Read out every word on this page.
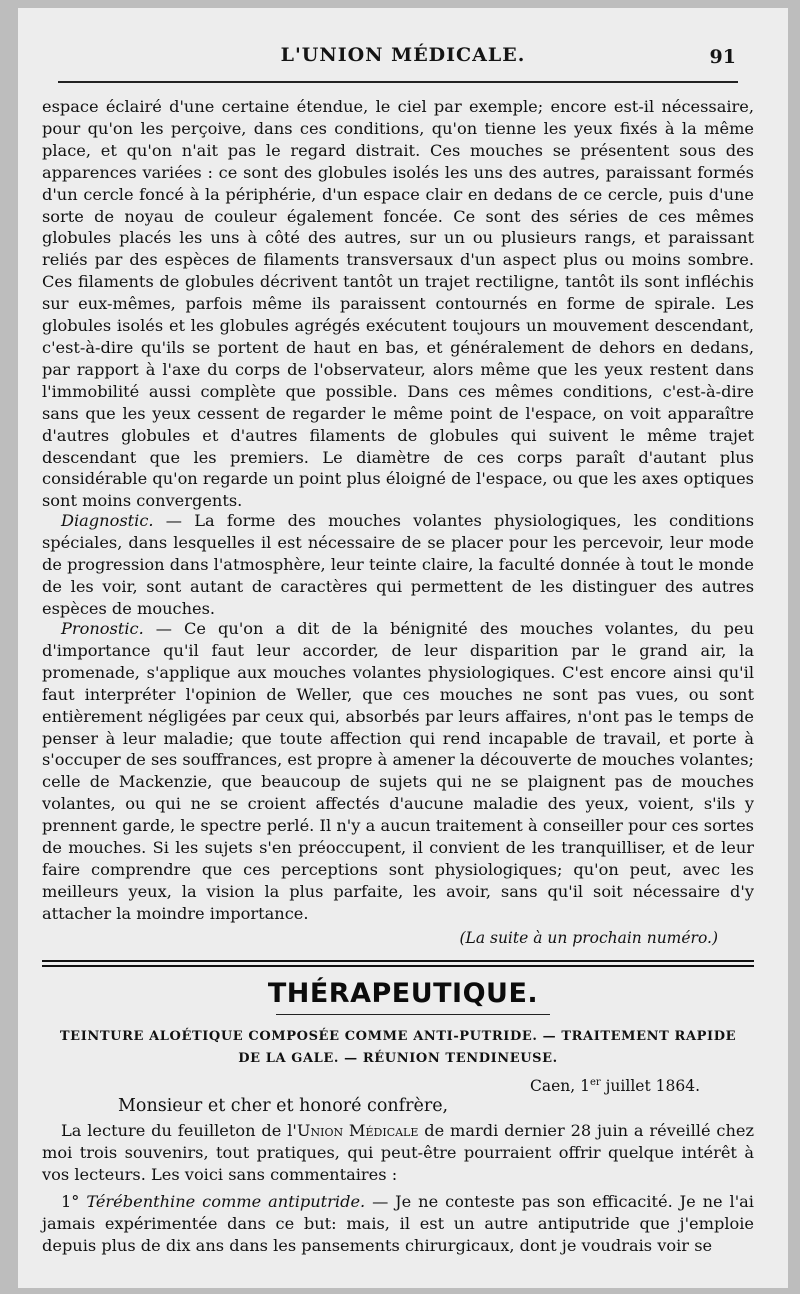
L'UNION MÉDICALE.	91

espace éclairé d'une certaine étendue, le ciel par exemple; encore est-il nécessaire, pour qu'on les perçoive, dans ces conditions, qu'on tienne les yeux fixés à la même place, et qu'on n'ait pas le regard distrait. Ces mouches se présentent sous des apparences variées : ce sont des globules isolés les uns des autres, paraissant formés d'un cercle foncé à la périphérie, d'un espace clair en dedans de ce cercle, puis d'une sorte de noyau de couleur également foncée. Ce sont des séries de ces mêmes globules placés les uns à côté des autres, sur un ou plusieurs rangs, et paraissant reliés par des espèces de filaments transversaux d'un aspect plus ou moins sombre. Ces filaments de globules décrivent tantôt un trajet rectiligne, tantôt ils sont infléchis sur eux-mêmes, parfois même ils paraissent contournés en forme de spirale. Les globules isolés et les globules agrégés exécutent toujours un mouvement descendant, c'est-à-dire qu'ils se portent de haut en bas, et généralement de dehors en dedans, par rapport à l'axe du corps de l'observateur, alors même que les yeux restent dans l'immobilité aussi complète que possible. Dans ces mêmes conditions, c'est-à-dire sans que les yeux cessent de regarder le même point de l'espace, on voit apparaître d'autres globules et d'autres filaments de globules qui suivent le même trajet descendant que les premiers. Le diamètre de ces corps paraît d'autant plus considérable qu'on regarde un point plus éloigné de l'espace, ou que les axes optiques sont moins convergents.

Diagnostic. — La forme des mouches volantes physiologiques, les conditions spéciales, dans lesquelles il est nécessaire de se placer pour les percevoir, leur mode de progression dans l'atmosphère, leur teinte claire, la faculté donnée à tout le monde de les voir, sont autant de caractères qui permettent de les distinguer des autres espèces de mouches.

Pronostic. — Ce qu'on a dit de la bénignité des mouches volantes, du peu d'importance qu'il faut leur accorder, de leur disparition par le grand air, la promenade, s'applique aux mouches volantes physiologiques. C'est encore ainsi qu'il faut interpréter l'opinion de Weller, que ces mouches ne sont pas vues, ou sont entièrement négligées par ceux qui, absorbés par leurs affaires, n'ont pas le temps de penser à leur maladie; que toute affection qui rend incapable de travail, et porte à s'occuper de ses souffrances, est propre à amener la découverte de mouches volantes; celle de Mackenzie, que beaucoup de sujets qui ne se plaignent pas de mouches volantes, ou qui ne se croient affectés d'aucune maladie des yeux, voient, s'ils y prennent garde, le spectre perlé. Il n'y a aucun traitement à conseiller pour ces sortes de mouches. Si les sujets s'en préoccupent, il convient de les tranquilliser, et de leur faire comprendre que ces perceptions sont physiologiques; qu'on peut, avec les meilleurs yeux, la vision la plus parfaite, les avoir, sans qu'il soit nécessaire d'y attacher la moindre importance.

(La suite à un prochain numéro.)
THÉRAPEUTIQUE.
TEINTURE ALOÉTIQUE COMPOSÉE COMME ANTI-PUTRIDE. — TRAITEMENT RAPIDE
DE LA GALE. — RÉUNION TENDINEUSE.
Caen, 1er juillet 1864.
Monsieur et cher et honoré confrère,

La lecture du feuilleton de l'Union Médicale de mardi dernier 28 juin a réveillé chez moi trois souvenirs, tout pratiques, qui peut-être pourraient offrir quelque intérêt à vos lecteurs. Les voici sans commentaires :

1° Térébenthine comme antiputride. — Je ne conteste pas son efficacité. Je ne l'ai jamais expérimentée dans ce but: mais, il est un autre antiputride que j'emploie depuis plus de dix ans dans les pansements chirurgicaux, dont je voudrais voir se
